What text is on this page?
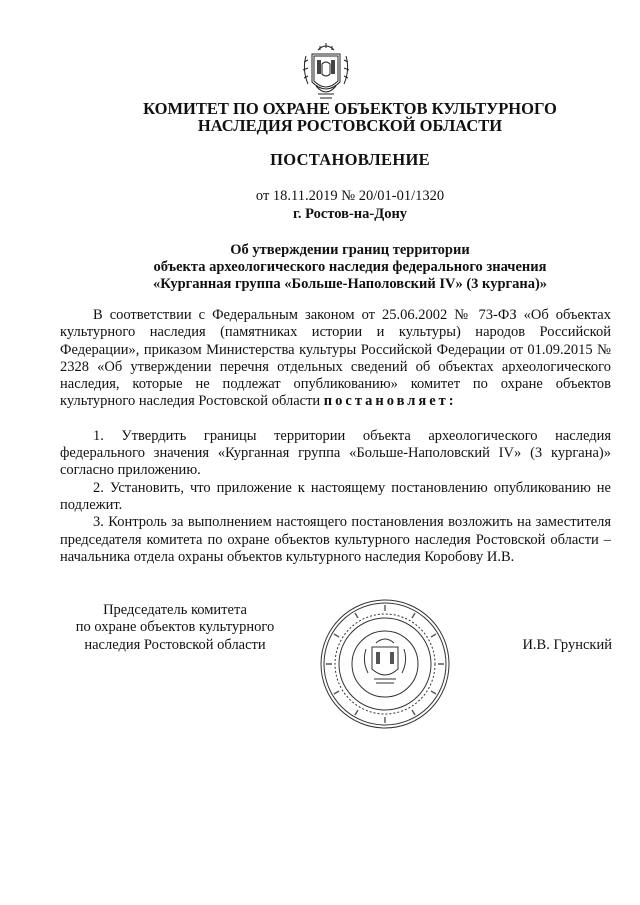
КОМИТЕТ ПО ОХРАНЕ ОБЪЕКТОВ КУЛЬТУРНОГО
НАСЛЕДИЯ РОСТОВСКОЙ ОБЛАСТИ
ПОСТАНОВЛЕНИЕ
от 18.11.2019 № 20/01-01/1320
г. Ростов-на-Дону
Об утверждении границ территории
объекта археологического наследия федерального значения
«Курганная группа «Больше-Наполовский IV» (3 кургана)»

В соответствии с Федеральным законом от 25.06.2002 № 73-ФЗ «Об объектах культурного наследия (памятниках истории и культуры) народов Российской Федерации», приказом Министерства культуры Российской Федерации от 01.09.2015 № 2328 «Об утверждении перечня отдельных сведений об объектах археологического наследия, которые не подлежат опубликованию» комитет по охране объектов культурного наследия Ростовской области постановляет:

1. Утвердить границы территории объекта археологического наследия федерального значения «Курганная группа «Больше-Наполовский IV» (3 кургана)» согласно приложению.

2. Установить, что приложение к настоящему постановлению опубликованию не подлежит.

3. Контроль за выполнением настоящего постановления возложить на заместителя председателя комитета по охране объектов культурного наследия Ростовской области – начальника отдела охраны объектов культурного наследия Коробову И.В.

Председатель комитета
по охране объектов культурного
наследия Ростовской области	И.В. Грунский
